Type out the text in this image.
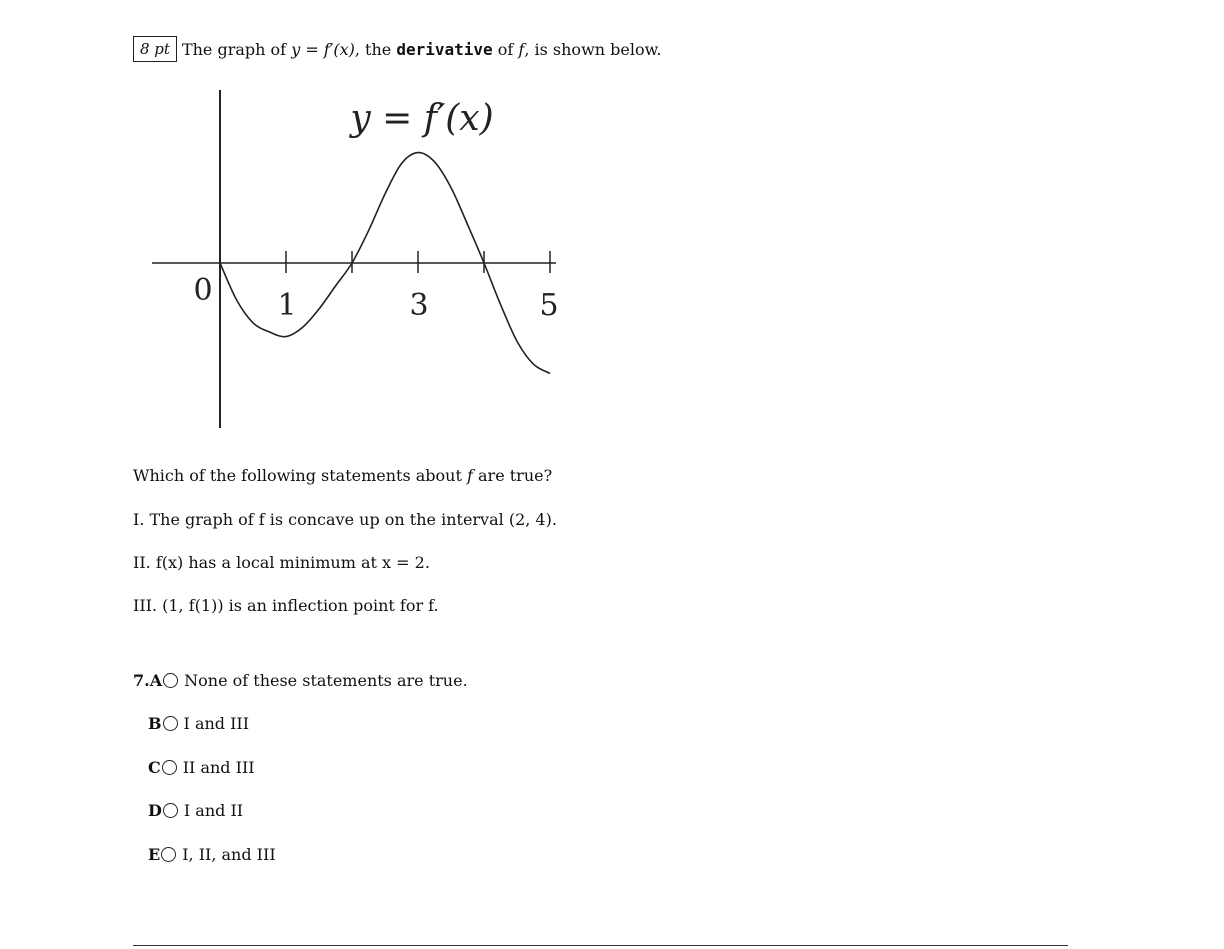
8 pt The graph of y = f′(x), the derivative of f, is shown below.
y = f′(x)
0 1	3	5
Which of the following statements about f are true?
I. The graph of f is concave up on the interval (2, 4).
II. f(x) has a local minimum at x = 2.
III. (1, f(1)) is an inflection point for f.
7. A None of these statements are true.
B I and III
C II and III
D I and II
E I, II, and III
